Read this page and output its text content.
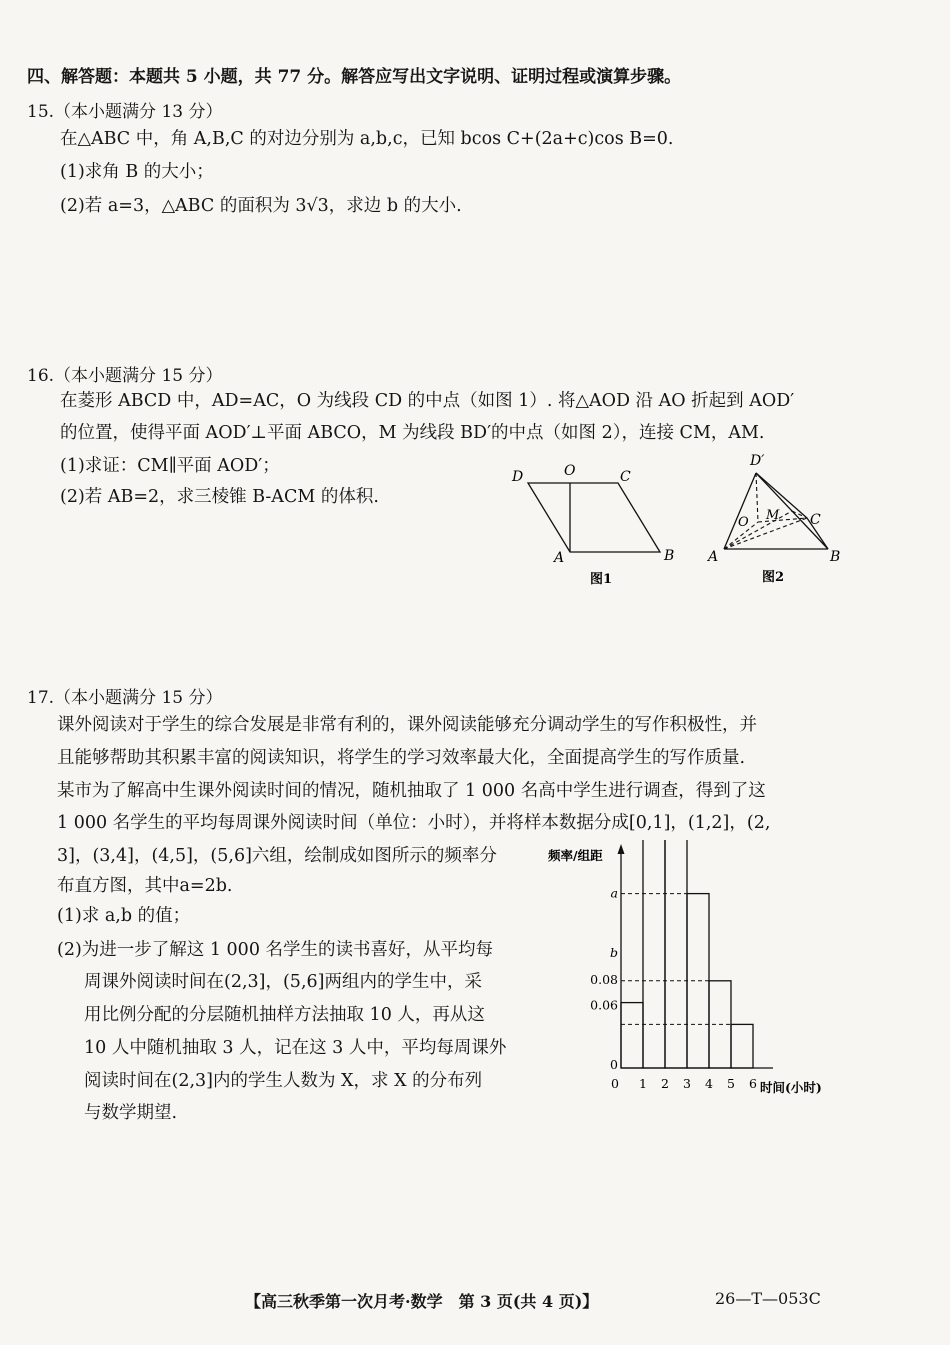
四、解答题：本题共 5 小题，共 77 分。解答应写出文字说明、证明过程或演算步骤。
15.（本小题满分 13 分）
在△ABC 中，角 A,B,C 的对边分别为 a,b,c，已知 bcos C+(2a+c)cos B=0.
(1)求角 B 的大小；
(2)若 a=3，△ABC 的面积为 3√3，求边 b 的大小.
16.（本小题满分 15 分）
在菱形 ABCD 中，AD=AC，O 为线段 CD 的中点（如图 1）. 将△AOD 沿 AO 折起到 AOD′
的位置，使得平面 AOD′⊥平面 ABCO，M 为线段 BD′的中点（如图 2），连接 CM，AM.
(1)求证：CM∥平面 AOD′；
(2)若 AB=2，求三棱锥 B-ACM 的体积.
D	O	C
A	B
图1
D′
O M C
A	B
图2
17.（本小题满分 15 分）
课外阅读对于学生的综合发展是非常有利的，课外阅读能够充分调动学生的写作积极性，并
且能够帮助其积累丰富的阅读知识，将学生的学习效率最大化，全面提高学生的写作质量.
某市为了解高中生课外阅读时间的情况，随机抽取了 1 000 名高中学生进行调查，得到了这
1 000 名学生的平均每周课外阅读时间（单位：小时），并将样本数据分成[0,1]，(1,2]，(2,
3]，(3,4]，(4,5]，(5,6]六组，绘制成如图所示的频率分
布直方图，其中a=2b.
(1)求 a,b 的值；
(2)为进一步了解这 1 000 名学生的读书喜好，从平均每
周课外阅读时间在(2,3]，(5,6]两组内的学生中，采
用比例分配的分层随机抽样方法抽取 10 人，再从这
10 人中随机抽取 3 人，记在这 3 人中，平均每周课外
阅读时间在(2,3]内的学生人数为 X，求 X 的分布列
与数学期望.
频率/组距
时间(小时)
a
b
0.08
0.06
0
0 1 2 3 4 5 6
【高三秋季第一次月考·数学　第 3 页(共 4 页)】	26—T—053C
